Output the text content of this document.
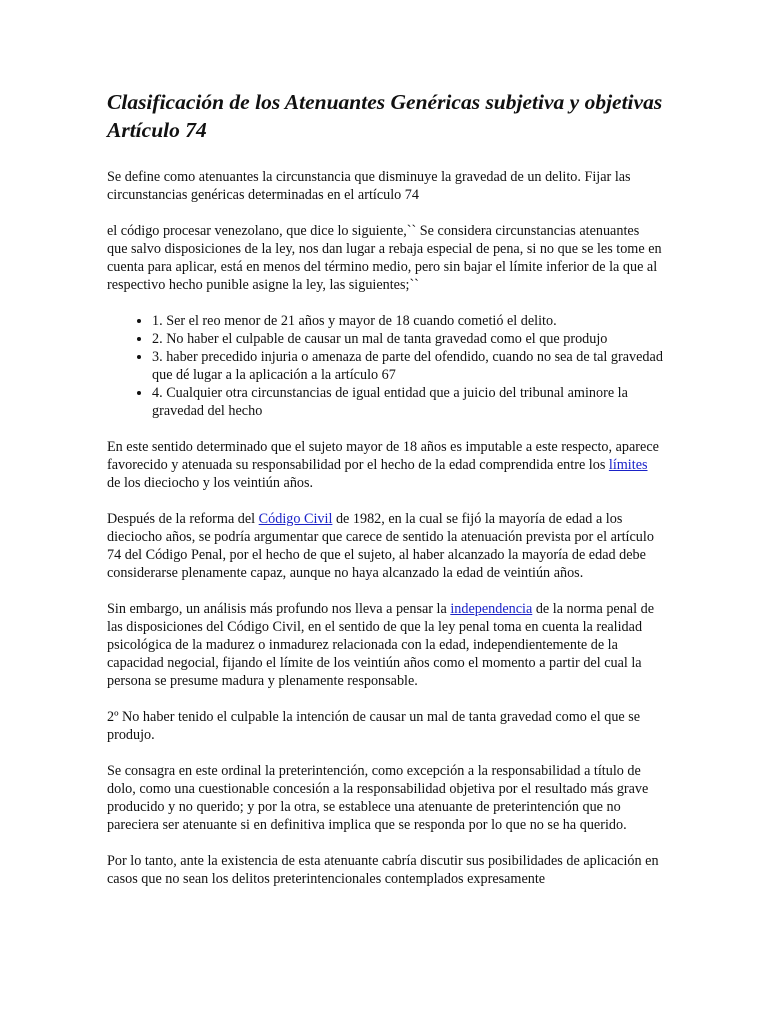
Clasificación de los Atenuantes Genéricas subjetiva y objetivas Artículo 74

Se define como atenuantes la circunstancia que disminuye la gravedad de un delito. Fijar las circunstancias genéricas determinadas en el artículo 74

el código procesar venezolano, que dice lo siguiente,`` Se considera circunstancias atenuantes que salvo disposiciones de la ley, nos dan lugar a rebaja especial de pena, si no que se les tome en cuenta para aplicar, está en menos del término medio, pero sin bajar el límite inferior de la que al respectivo hecho punible asigne la ley, las siguientes;``

• 1. Ser el reo menor de 21 años y mayor de 18 cuando cometió el delito.
• 2. No haber el culpable de causar un mal de tanta gravedad como el que produjo
• 3. haber precedido injuria o amenaza de parte del ofendido, cuando no sea de tal gravedad que dé lugar a la aplicación a la artículo 67
• 4. Cualquier otra circunstancias de igual entidad que a juicio del tribunal aminore la gravedad del hecho

En este sentido determinado que el sujeto mayor de 18 años es imputable a este respecto, aparece favorecido y atenuada su responsabilidad por el hecho de la edad comprendida entre los límites de los dieciocho y los veintiún años.

Después de la reforma del Código Civil de 1982, en la cual se fijó la mayoría de edad a los dieciocho años, se podría argumentar que carece de sentido la atenuación prevista por el artículo 74 del Código Penal, por el hecho de que el sujeto, al haber alcanzado la mayoría de edad debe considerarse plenamente capaz, aunque no haya alcanzado la edad de veintiún años.

Sin embargo, un análisis más profundo nos lleva a pensar la independencia de la norma penal de las disposiciones del Código Civil, en el sentido de que la ley penal toma en cuenta la realidad psicológica de la madurez o inmadurez relacionada con la edad, independientemente de la capacidad negocial, fijando el límite de los veintiún años como el momento a partir del cual la persona se presume madura y plenamente responsable.

2º No haber tenido el culpable la intención de causar un mal de tanta gravedad como el que se produjo.

Se consagra en este ordinal la preterintención, como excepción a la responsabilidad a título de dolo, como una cuestionable concesión a la responsabilidad objetiva por el resultado más grave producido y no querido; y por la otra, se establece una atenuante de preterintención que no pareciera ser atenuante si en definitiva implica que se responda por lo que no se ha querido.

Por lo tanto, ante la existencia de esta atenuante cabría discutir sus posibilidades de aplicación en casos que no sean los delitos preterintencionales contemplados expresamente
